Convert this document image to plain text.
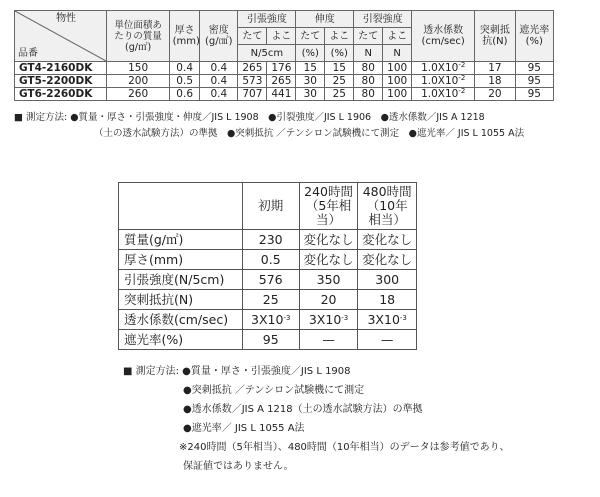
物性
品番	単位面積あたりの質量(g/㎡)	厚さ(mm)	密度(g/㎤)	引張強度		伸度		引裂強度		透水係数(cm/sec)	突刺抵抗(N)	遮光率(%)

				たて	よこ	たて	よこ	たて	よこ			
				N/5cm		(%)	(%)	N	N			
GT4-2160DK	150	0.4	0.4	265	176	15	15	80	100	$1.0X10^{-2}$	17	95
GT5-2200DK	200	0.5	0.4	573	265	30	25	80	100	$1.0X10^{-2}$	18	95
GT6-2260DK	260	0.6	0.4	707	441	30	25	80	100	$1.0X10^{-2}$	20	95
■ 測定方法: ●質量・厚さ・引張強度・伸度／JIS L 1908　●引裂強度／JIS L 1906　●透水係数／JIS A 1218
（土の透水試験方法）の準拠　●突刺抵抗 ／テンシロン試験機にて測定　●遮光率／ JIS L 1055 A法
	初期	240時間（5年相当）	480時間（10年相当）

質量(g/㎡)	230	変化なし	変化なし
厚さ(mm)	0.5	変化なし	変化なし
引張強度(N/5cm)	576	350	300
突刺抵抗(N)	25	20	18
透水係数(cm/sec)	$3X10^{-3}$	$3X10^{-3}$	$3X10^{-3}$
遮光率(%)	95	—	—
■ 測定方法: ●質量・厚さ・引張強度／JIS L 1908
●突刺抵抗 ／テンシロン試験機にて測定
●透水係数／JIS A 1218（土の透水試験方法）の準拠
●遮光率／ JIS L 1055 A法
※240時間（5年相当）、480時間（10年相当）のデータは参考値であり、
保証値ではありません。
